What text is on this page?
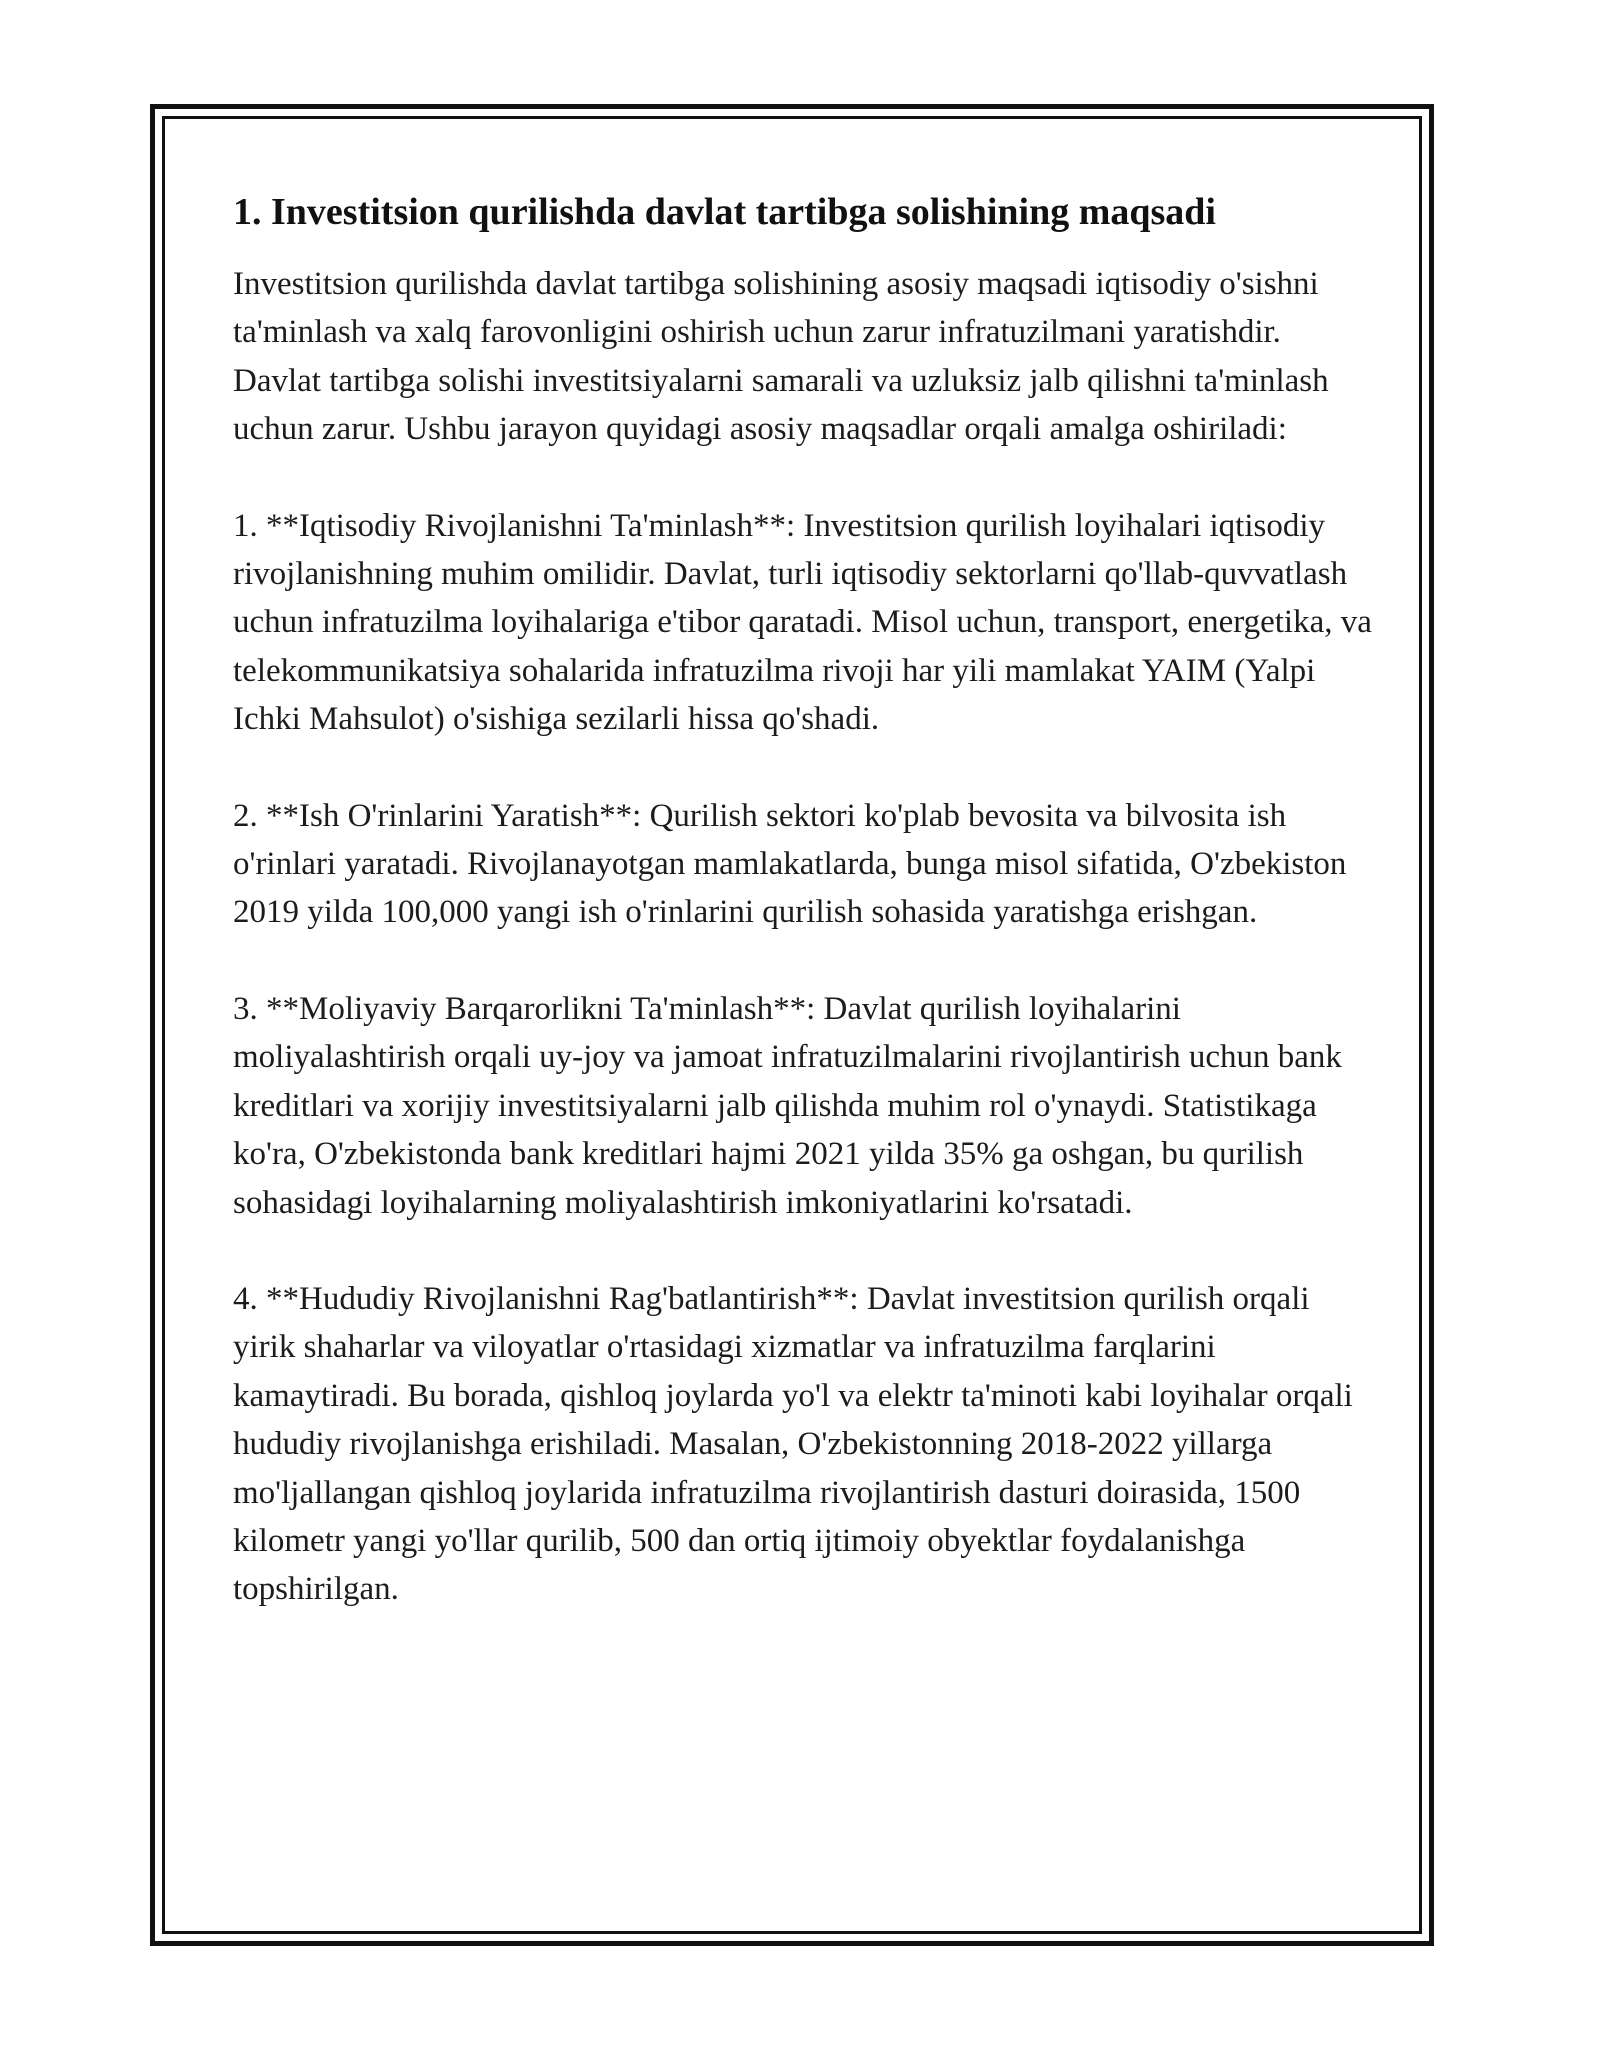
1. Investitsion qurilishda davlat tartibga solishining maqsadi

Investitsion qurilishda davlat tartibga solishining asosiy maqsadi iqtisodiy o'sishni ta'minlash va xalq farovonligini oshirish uchun zarur infratuzilmani yaratishdir. Davlat tartibga solishi investitsiyalarni samarali va uzluksiz jalb qilishni ta'minlash uchun zarur. Ushbu jarayon quyidagi asosiy maqsadlar orqali amalga oshiriladi:

1. **Iqtisodiy Rivojlanishni Ta'minlash**: Investitsion qurilish loyihalari iqtisodiy rivojlanishning muhim omilidir. Davlat, turli iqtisodiy sektorlarni qo'llab-quvvatlash uchun infratuzilma loyihalariga e'tibor qaratadi. Misol uchun, transport, energetika, va telekommunikatsiya sohalarida infratuzilma rivoji har yili mamlakat YAIM (Yalpi Ichki Mahsulot) o'sishiga sezilarli hissa qo'shadi.

2. **Ish O'rinlarini Yaratish**: Qurilish sektori ko'plab bevosita va bilvosita ish o'rinlari yaratadi. Rivojlanayotgan mamlakatlarda, bunga misol sifatida, O'zbekiston 2019 yilda 100,000 yangi ish o'rinlarini qurilish sohasida yaratishga erishgan.

3. **Moliyaviy Barqarorlikni Ta'minlash**: Davlat qurilish loyihalarini moliyalashtirish orqali uy-joy va jamoat infratuzilmalarini rivojlantirish uchun bank kreditlari va xorijiy investitsiyalarni jalb qilishda muhim rol o'ynaydi. Statistikaga ko'ra, O'zbekistonda bank kreditlari hajmi 2021 yilda 35% ga oshgan, bu qurilish sohasidagi loyihalarning moliyalashtirish imkoniyatlarini ko'rsatadi.

4. **Hududiy Rivojlanishni Rag'batlantirish**: Davlat investitsion qurilish orqali yirik shaharlar va viloyatlar o'rtasidagi xizmatlar va infratuzilma farqlarini kamaytiradi. Bu borada, qishloq joylarda yo'l va elektr ta'minoti kabi loyihalar orqali hududiy rivojlanishga erishiladi. Masalan, O'zbekistonning 2018-2022 yillarga mo'ljallangan qishloq joylarida infratuzilma rivojlantirish dasturi doirasida, 1500 kilometr yangi yo'llar qurilib, 500 dan ortiq ijtimoiy obyektlar foydalanishga topshirilgan.
